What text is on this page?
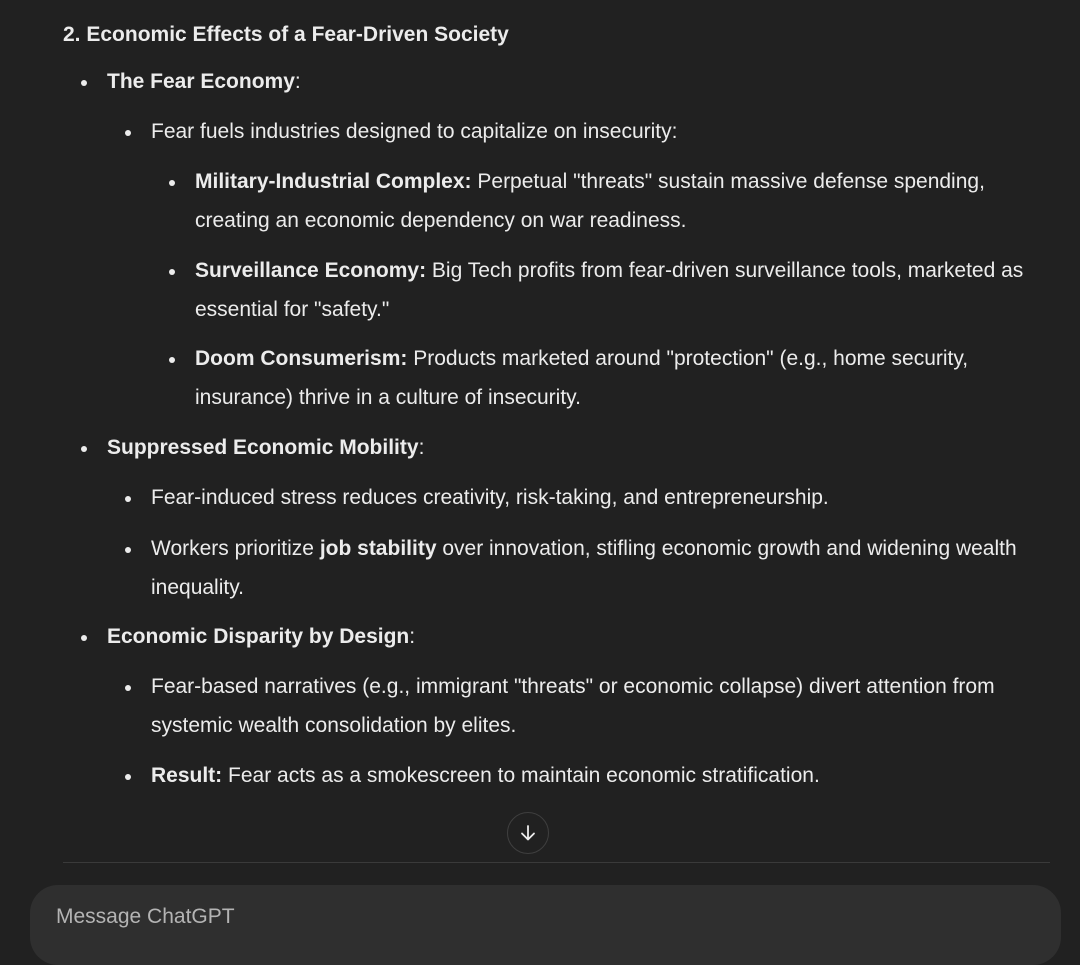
2. Economic Effects of a Fear-Driven Society
The Fear Economy:
Fear fuels industries designed to capitalize on insecurity:
Military-Industrial Complex: Perpetual "threats" sustain massive defense spending, creating an economic dependency on war readiness.
Surveillance Economy: Big Tech profits from fear-driven surveillance tools, marketed as essential for "safety."
Doom Consumerism: Products marketed around "protection" (e.g., home security, insurance) thrive in a culture of insecurity.
Suppressed Economic Mobility:
Fear-induced stress reduces creativity, risk-taking, and entrepreneurship.
Workers prioritize job stability over innovation, stifling economic growth and widening wealth inequality.
Economic Disparity by Design:
Fear-based narratives (e.g., immigrant "threats" or economic collapse) divert attention from systemic wealth consolidation by elites.
Result: Fear acts as a smokescreen to maintain economic stratification.
Message ChatGPT
